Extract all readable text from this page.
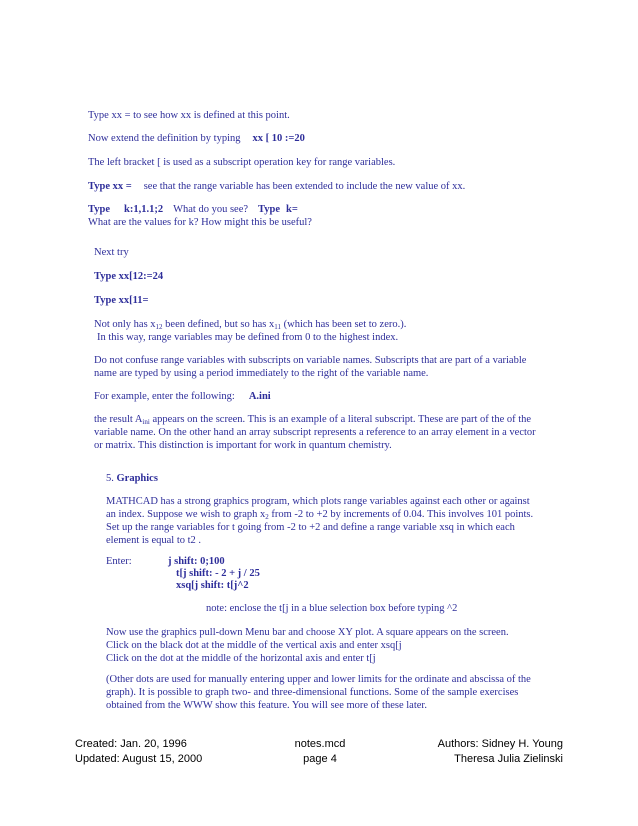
Type xx = to see how xx is defined at this point.
Now extend the definition by typing xx [ 10 :=20
The left bracket [ is used as a subscript operation key for range variables.
Type xx = see that the range variable has been extended to include the new value of xx.
Type k:1,1.1;2 What do you see? Type k=
What are the values for k? How might this be useful?
Next try
Type xx[12:=24
Type xx[11=
Not only has $x_{12}$ been defined, but so has $x_{11}$ (which has been set to zero.).
In this way, range variables may be defined from 0 to the highest index.
Do not confuse range variables with subscripts on variable names. Subscripts that are part of a variable
name are typed by using a period immediately to the right of the variable name.
For example, enter the following: A.ini
the result $A_{ini}$ appears on the screen. This is an example of a literal subscript. These are part of the of the
variable name. On the other hand an array subscript represents a reference to an array element in a vector
or matrix. This distinction is important for work in quantum chemistry.
5. Graphics
MATHCAD has a strong graphics program, which plots range variables against each other or against
an index. Suppose we wish to graph $x_2$ from -2 to +2 by increments of 0.04. This involves 101 points.
Set up the range variables for t going from -2 to +2 and define a range variable xsq in which each
element is equal to t2 .
Enter:	j shift: 0;100
t[j shift: - 2 + j / 25
xsq[j shift: t[j^2
note: enclose the t[j in a blue selection box before typing ^2
Now use the graphics pull-down Menu bar and choose XY plot. A square appears on the screen.
Click on the black dot at the middle of the vertical axis and enter xsq[j
Click on the dot at the middle of the horizontal axis and enter t[j
(Other dots are used for manually entering upper and lower limits for the ordinate and abscissa of the
graph). It is possible to graph two- and three-dimensional functions. Some of the sample exercises
obtained from the WWW show this feature. You will see more of these later.
Created: Jan. 20, 1996
Updated: August 15, 2000
notes.mcd
page 4
Authors: Sidney H. Young
Theresa Julia Zielinski
